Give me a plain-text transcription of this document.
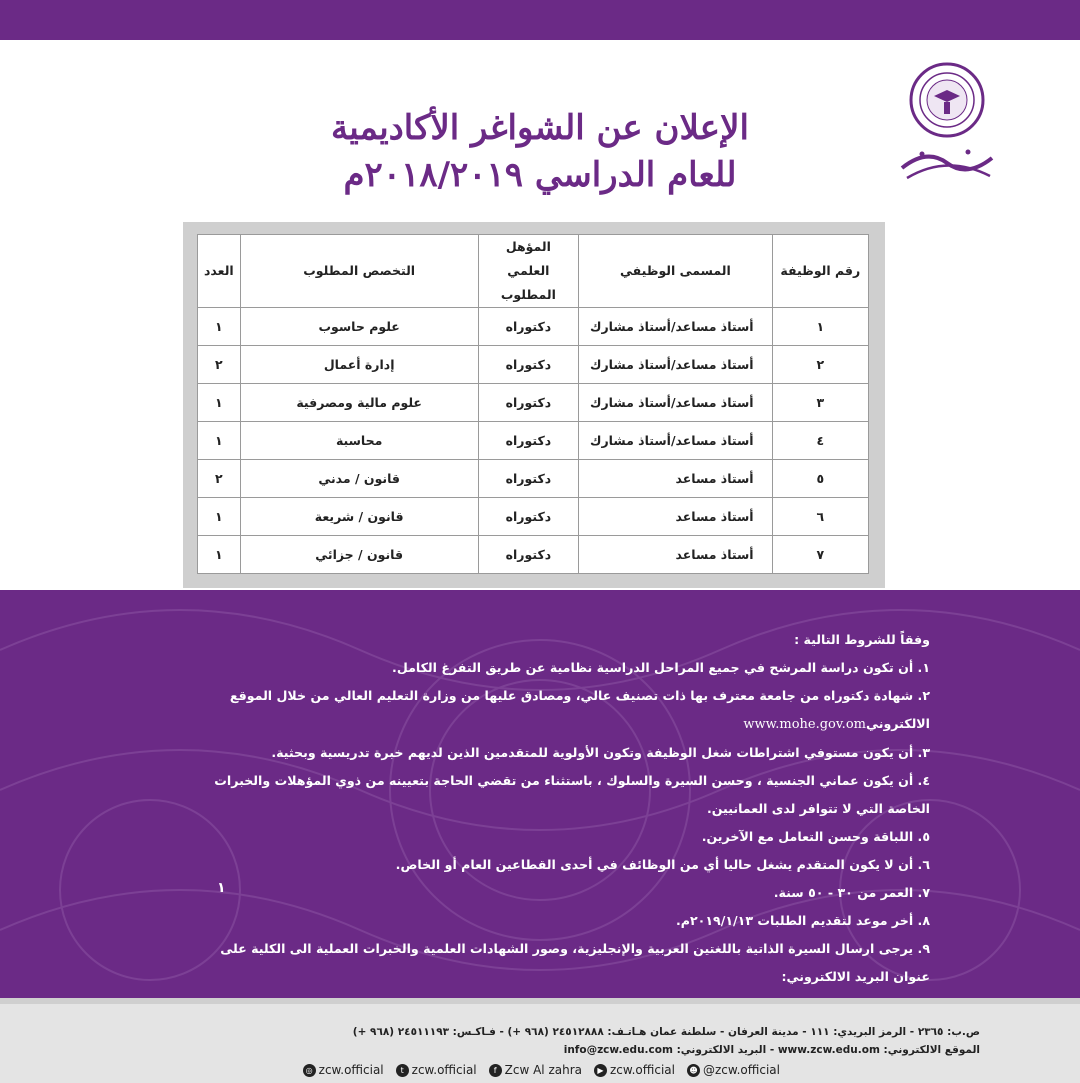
الإعلان عن الشواغر الأكاديمية
للعام الدراسي ٢٠١٨/٢٠١٩م
رقم الوظيفة	المسمى الوظيفي	المؤهل العلمي المطلوب	التخصص المطلوب	العدد
١	أستاذ مساعد/أستاذ مشارك	دكتوراه	علوم حاسوب	١
٢	أستاذ مساعد/أستاذ مشارك	دكتوراه	إدارة أعمال	٢
٣	أستاذ مساعد/أستاذ مشارك	دكتوراه	علوم مالية ومصرفية	١
٤	أستاذ مساعد/أستاذ مشارك	دكتوراه	محاسبة	١
٥	أستاذ مساعد	دكتوراه	قانون / مدني	٢
٦	أستاذ مساعد	دكتوراه	قانون / شريعة	١
٧	أستاذ مساعد	دكتوراه	قانون / جزائي	١
وفقاً للشروط التالية :
١. أن تكون دراسة المرشح في جميع المراحل الدراسية نظامية عن طريق التفرغ الكامل.
٢. شهادة دكتوراه من جامعة معترف بها ذات تصنيف عالي، ومصادق عليها من وزارة التعليم العالي من خلال الموقع
الالكترونيwww.mohe.gov.om
٣. أن يكون مستوفي اشتراطات شغل الوظيفة وتكون الأولوية للمتقدمين الذين لديهم خبرة تدريسية وبحثية.
٤. أن يكون عماني الجنسية ، وحسن السيرة والسلوك ، باستثناء من تقضي الحاجة بتعيينه من ذوي المؤهلات والخبرات
الخاصة التي لا تتوافر لدى العمانيين.
٥. اللباقة وحسن التعامل مع الآخرين.
٦. أن لا يكون المتقدم يشغل حاليا أي من الوظائف في أحدى القطاعين العام أو الخاص.
٧. العمر من ٣٠ - ٥٠ سنة.
٨. أخر موعد لتقديم الطلبات ٢٠١٩/١/١٣م.
٩. يرجى ارسال السيرة الذاتية باللغتين العربية والإنجليزية، وصور الشهادات العلمية والخبرات العملية الى الكلية على
عنوان البريد الالكتروني:

١
ص.ب: ٢٣٦٥ - الرمز البريدي: ١١١ - مدينة العرفان - سلطنة عمان هـاتـف: ٢٤٥١٢٨٨٨ (٩٦٨ +) - فـاكـس: ٢٤٥١١١٩٣ (٩٦٨ +)
الموقع الالكتروني: www.zcw.edu.om - البريد الالكتروني: info@zcw.edu.com
◎ zcw.official	t zcw.official	f Zcw Al zahra	▶ zcw.official ☻ @zcw.official
